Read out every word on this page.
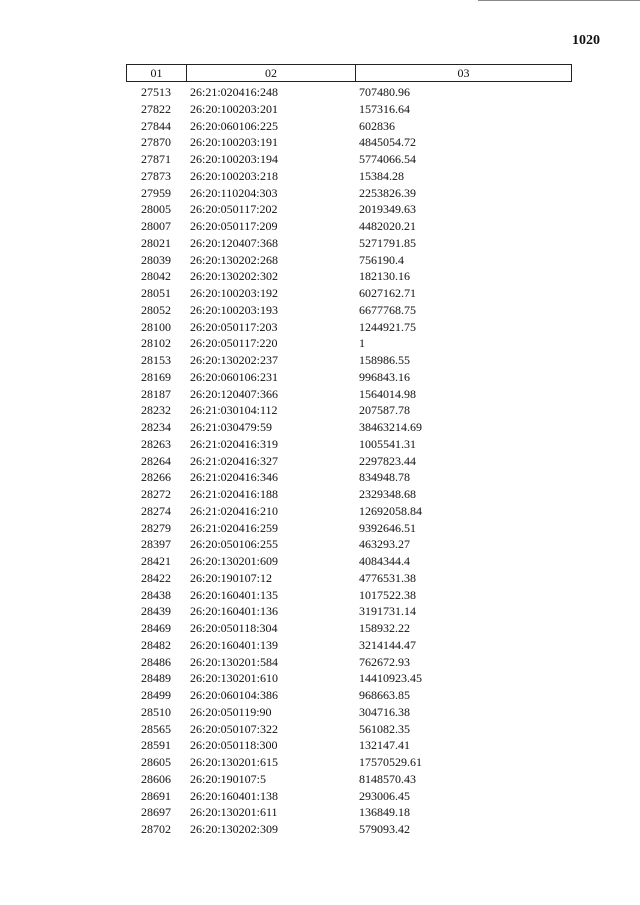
1020
01	02	03
27513	26:21:020416:248	707480.96
27822	26:20:100203:201	157316.64
27844	26:20:060106:225	602836
27870	26:20:100203:191	4845054.72
27871	26:20:100203:194	5774066.54
27873	26:20:100203:218	15384.28
27959	26:20:110204:303	2253826.39
28005	26:20:050117:202	2019349.63
28007	26:20:050117:209	4482020.21
28021	26:20:120407:368	5271791.85
28039	26:20:130202:268	756190.4
28042	26:20:130202:302	182130.16
28051	26:20:100203:192	6027162.71
28052	26:20:100203:193	6677768.75
28100	26:20:050117:203	1244921.75
28102	26:20:050117:220	1
28153	26:20:130202:237	158986.55
28169	26:20:060106:231	996843.16
28187	26:20:120407:366	1564014.98
28232	26:21:030104:112	207587.78
28234	26:21:030479:59	38463214.69
28263	26:21:020416:319	1005541.31
28264	26:21:020416:327	2297823.44
28266	26:21:020416:346	834948.78
28272	26:21:020416:188	2329348.68
28274	26:21:020416:210	12692058.84
28279	26:21:020416:259	9392646.51
28397	26:20:050106:255	463293.27
28421	26:20:130201:609	4084344.4
28422	26:20:190107:12	4776531.38
28438	26:20:160401:135	1017522.38
28439	26:20:160401:136	3191731.14
28469	26:20:050118:304	158932.22
28482	26:20:160401:139	3214144.47
28486	26:20:130201:584	762672.93
28489	26:20:130201:610	14410923.45
28499	26:20:060104:386	968663.85
28510	26:20:050119:90	304716.38
28565	26:20:050107:322	561082.35
28591	26:20:050118:300	132147.41
28605	26:20:130201:615	17570529.61
28606	26:20:190107:5	8148570.43
28691	26:20:160401:138	293006.45
28697	26:20:130201:611	136849.18
28702	26:20:130202:309	579093.42
